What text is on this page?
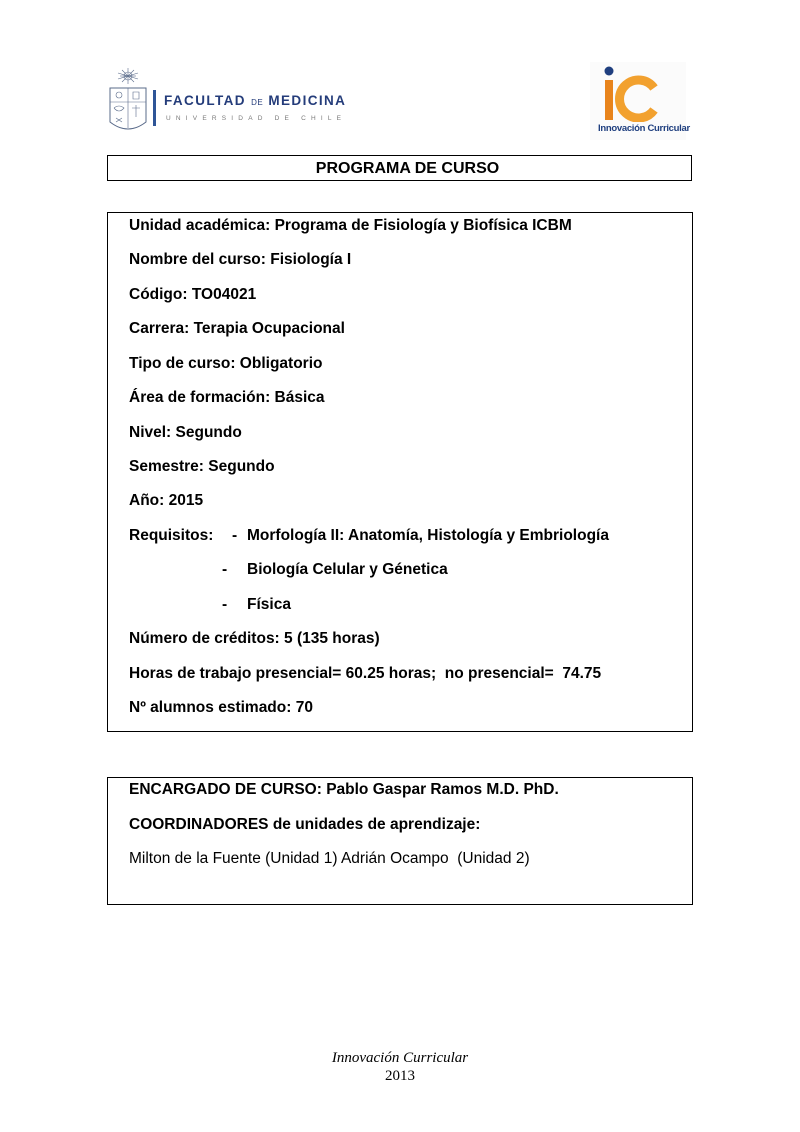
FACULTAD DE MEDICINA
UNIVERSIDAD DE CHILE
Innovación Curricular
PROGRAMA DE CURSO
Unidad académica: Programa de Fisiología y Biofísica ICBM
Nombre del curso: Fisiología I
Código: TO04021
Carrera: Terapia Ocupacional
Tipo de curso: Obligatorio
Área de formación: Básica
Nivel: Segundo
Semestre: Segundo
Año: 2015
Requisitos: - Morfología II: Anatomía, Histología y Embriología
- Biología Celular y Génetica
- Física
Número de créditos: 5 (135 horas)
Horas de trabajo presencial= 60.25 horas;  no presencial=  74.75
Nº alumnos estimado: 70
ENCARGADO DE CURSO: Pablo Gaspar Ramos M.D. PhD.
COORDINADORES de unidades de aprendizaje:
Milton de la Fuente (Unidad 1) Adrián Ocampo  (Unidad 2)
Innovación Curricular
2013
